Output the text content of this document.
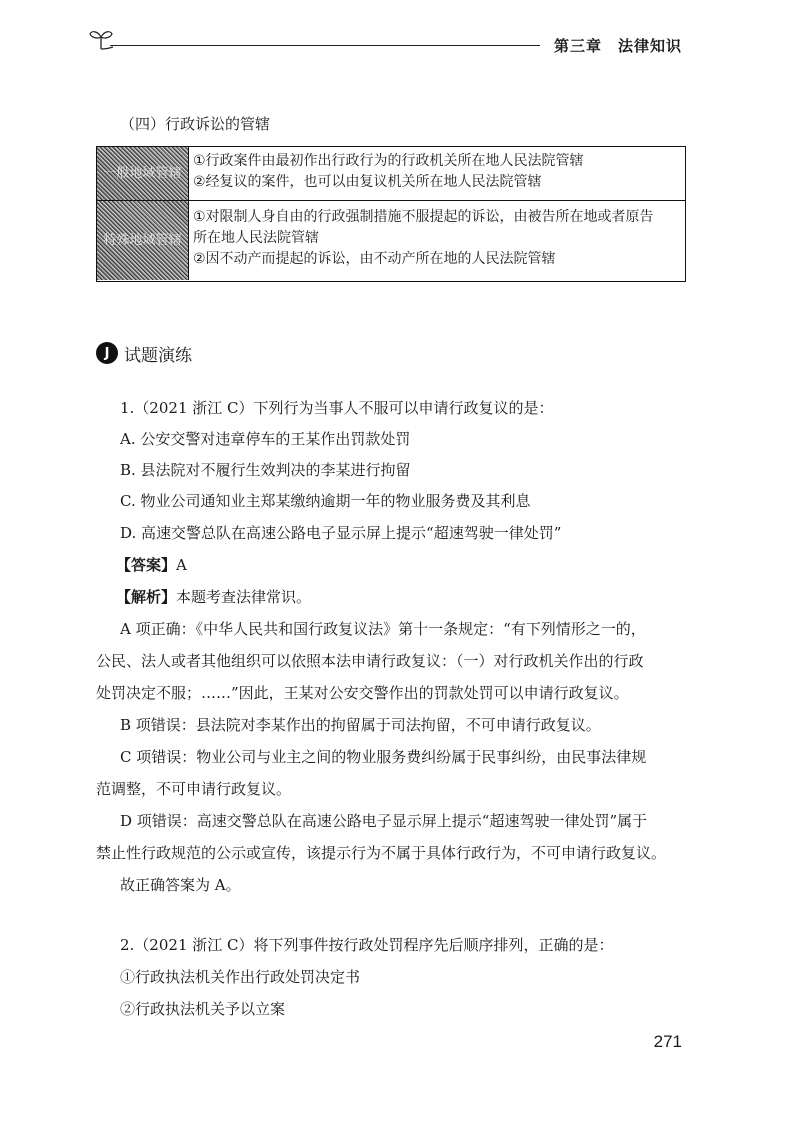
第三章　法律知识
（四）行政诉讼的管辖
一般地域管辖
①行政案件由最初作出行政行为的行政机关所在地人民法院管辖
②经复议的案件，也可以由复议机关所在地人民法院管辖
特殊地域管辖
①对限制人身自由的行政强制措施不服提起的诉讼，由被告所在地或者原告
所在地人民法院管辖
②因不动产而提起的诉讼，由不动产所在地的人民法院管辖
J 试题演练
1.（2021 浙江 C）下列行为当事人不服可以申请行政复议的是：
A. 公安交警对违章停车的王某作出罚款处罚
B. 县法院对不履行生效判决的李某进行拘留
C. 物业公司通知业主郑某缴纳逾期一年的物业服务费及其利息
D. 高速交警总队在高速公路电子显示屏上提示“超速驾驶一律处罚”
【答案】A
【解析】本题考查法律常识。
A 项正确：《中华人民共和国行政复议法》第十一条规定：“有下列情形之一的，
公民、法人或者其他组织可以依照本法申请行政复议：（一）对行政机关作出的行政
处罚决定不服；……”因此，王某对公安交警作出的罚款处罚可以申请行政复议。
B 项错误：县法院对李某作出的拘留属于司法拘留，不可申请行政复议。
C 项错误：物业公司与业主之间的物业服务费纠纷属于民事纠纷，由民事法律规
范调整，不可申请行政复议。
D 项错误：高速交警总队在高速公路电子显示屏上提示“超速驾驶一律处罚”属于
禁止性行政规范的公示或宣传，该提示行为不属于具体行政行为，不可申请行政复议。
故正确答案为 A。
2.（2021 浙江 C）将下列事件按行政处罚程序先后顺序排列，正确的是：
①行政执法机关作出行政处罚决定书
②行政执法机关予以立案
271
